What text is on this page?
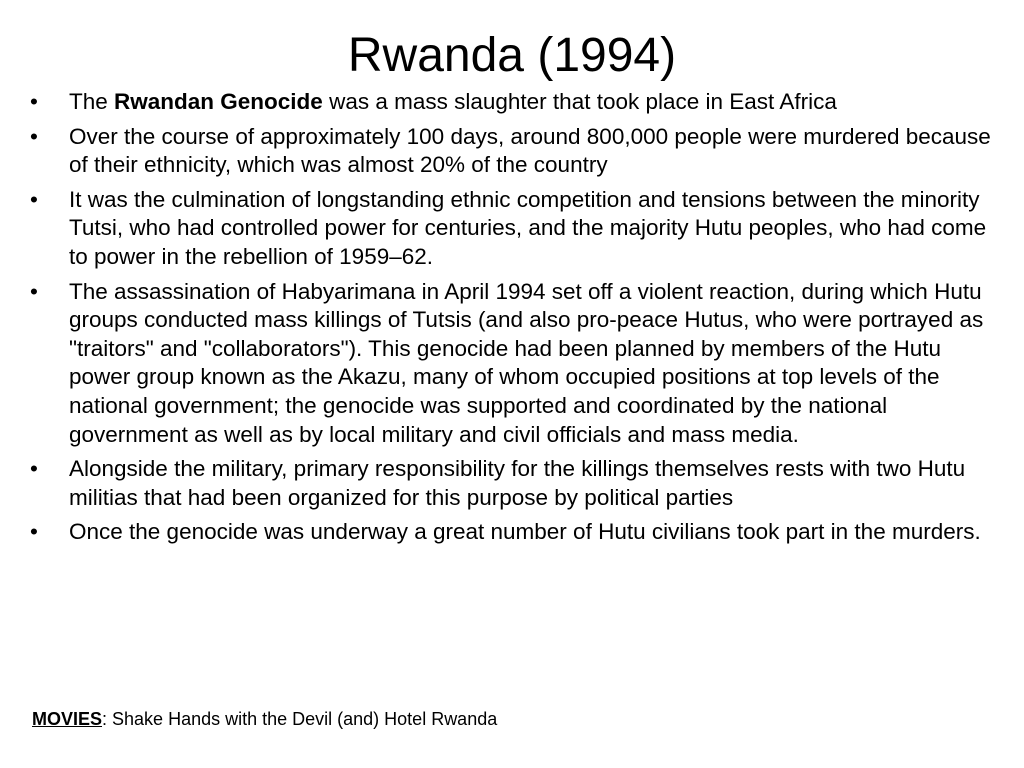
Rwanda (1994)
•	The Rwandan Genocide was a mass slaughter that took place in East Africa
•	Over the course of approximately 100 days, around 800,000 people were murdered because of their ethnicity, which was almost 20% of the country
•	It was the culmination of longstanding ethnic competition and tensions between the minority Tutsi, who had controlled power for centuries, and the majority Hutu peoples, who had come to power in the rebellion of 1959–62.
•	The assassination of Habyarimana in April 1994 set off a violent reaction, during which Hutu groups conducted mass killings of Tutsis (and also pro-peace Hutus, who were portrayed as "traitors" and "collaborators"). This genocide had been planned by members of the Hutu power group known as the Akazu, many of whom occupied positions at top levels of the national government; the genocide was supported and coordinated by the national government as well as by local military and civil officials and mass media.
•	Alongside the military, primary responsibility for the killings themselves rests with two Hutu militias that had been organized for this purpose by political parties
•	Once the genocide was underway a great number of Hutu civilians took part in the murders.
MOVIES: Shake Hands with the Devil (and) Hotel Rwanda
